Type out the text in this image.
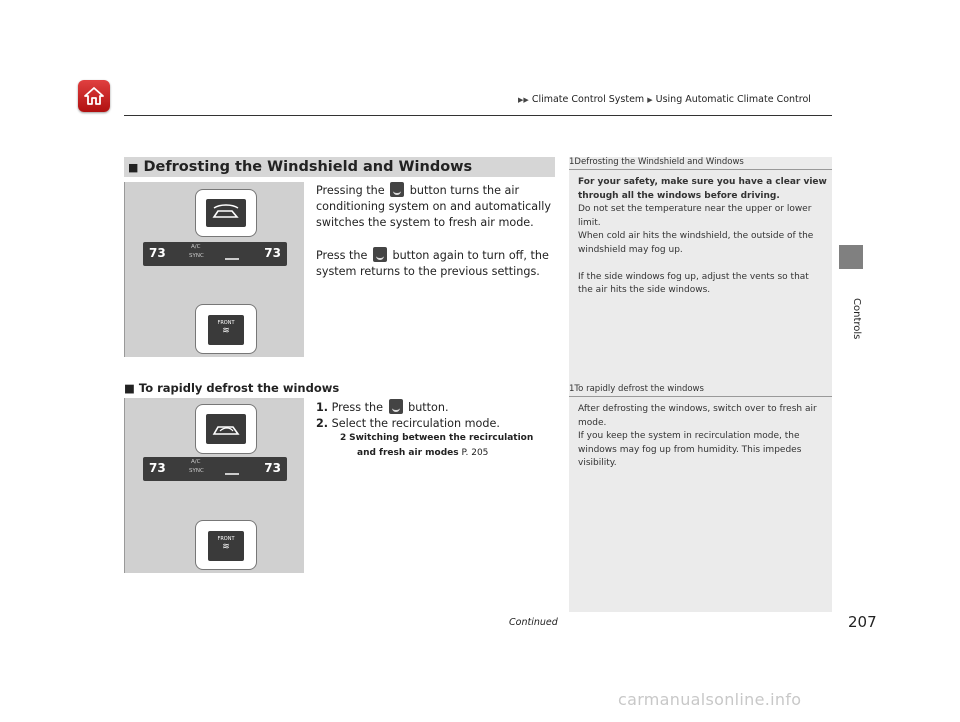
▶▶ Climate Control System ▶ Using Automatic Climate Control
Controls
■ Defrosting the Windshield and Windows
73	A/C
SYNC	73
FRONT
≋
Pressing the  button turns the air
conditioning system on and automatically
switches the system to fresh air mode.
Press the  button again to turn off, the
system returns to the previous settings.
■ To rapidly defrost the windows
73	A/C
SYNC	73
FRONT
≋
1. Press the  button.
2. Select the recirculation mode.
2 Switching between the recirculation
and fresh air modes P. 205
1Defrosting the Windshield and Windows
For your safety, make sure you have a clear view
through all the windows before driving.
Do not set the temperature near the upper or lower
limit.
When cold air hits the windshield, the outside of the
windshield may fog up.
If the side windows fog up, adjust the vents so that
the air hits the side windows.
1To rapidly defrost the windows
After defrosting the windows, switch over to fresh air
mode.
If you keep the system in recirculation mode, the
windows may fog up from humidity. This impedes
visibility.
Continued	207
carmanualsonline.info
